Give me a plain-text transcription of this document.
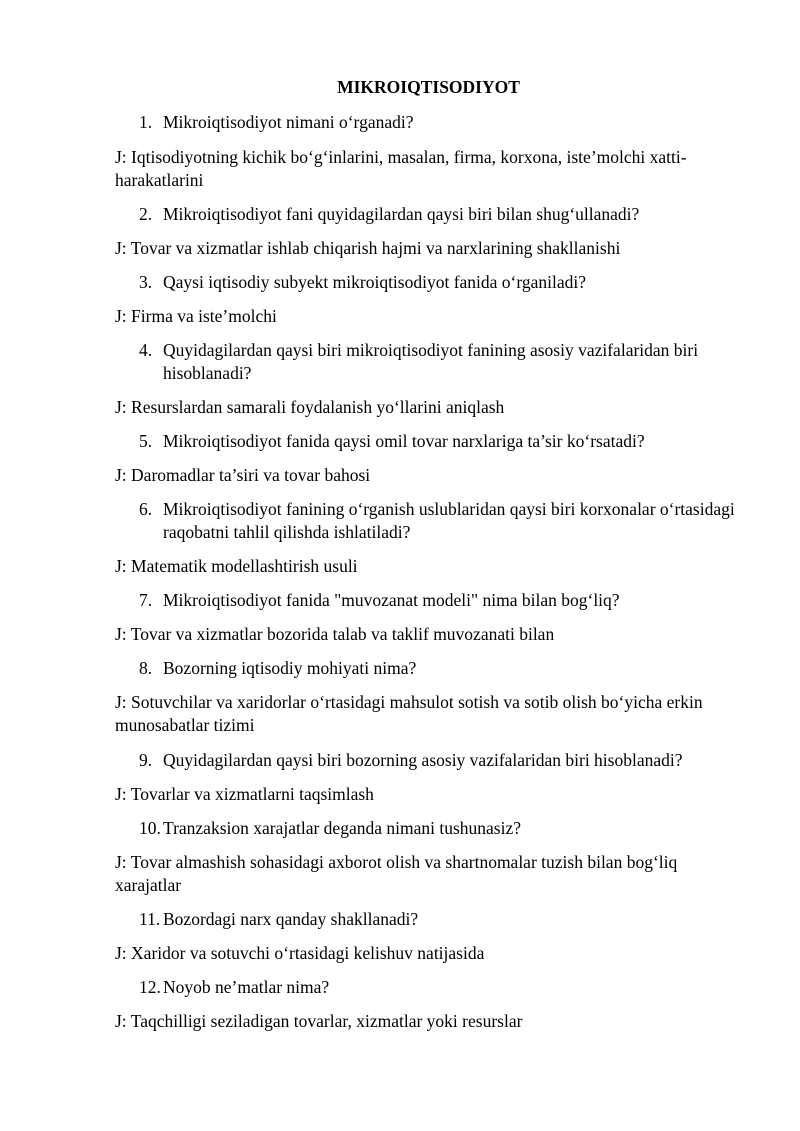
MIKROIQTISODIYOT
1. Mikroiqtisodiyot nimani o‘rganadi?
J: Iqtisodiyotning kichik bo‘g‘inlarini, masalan, firma, korxona, iste’molchi xatti-harakatlarini
2. Mikroiqtisodiyot fani quyidagilardan qaysi biri bilan shug‘ullanadi?
J: Tovar va xizmatlar ishlab chiqarish hajmi va narxlarining shakllanishi
3. Qaysi iqtisodiy subyekt mikroiqtisodiyot fanida o‘rganiladi?
J: Firma va iste’molchi
4. Quyidagilardan qaysi biri mikroiqtisodiyot fanining asosiy vazifalaridan biri hisoblanadi?
J: Resurslardan samarali foydalanish yo‘llarini aniqlash
5. Mikroiqtisodiyot fanida qaysi omil tovar narxlariga ta’sir ko‘rsatadi?
J: Daromadlar ta’siri va tovar bahosi
6. Mikroiqtisodiyot fanining o‘rganish uslublaridan qaysi biri korxonalar o‘rtasidagi raqobatni tahlil qilishda ishlatiladi?
J: Matematik modellashtirish usuli
7. Mikroiqtisodiyot fanida "muvozanat modeli" nima bilan bog‘liq?
J: Tovar va xizmatlar bozorida talab va taklif muvozanati bilan
8. Bozorning iqtisodiy mohiyati nima?
J: Sotuvchilar va xaridorlar o‘rtasidagi mahsulot sotish va sotib olish bo‘yicha erkin munosabatlar tizimi
9. Quyidagilardan qaysi biri bozorning asosiy vazifalaridan biri hisoblanadi?
J: Tovarlar va xizmatlarni taqsimlash
10. Tranzaksion xarajatlar deganda nimani tushunasiz?
J: Tovar almashish sohasidagi axborot olish va shartnomalar tuzish bilan bog‘liq xarajatlar
11. Bozordagi narx qanday shakllanadi?
J: Xaridor va sotuvchi o‘rtasidagi kelishuv natijasida
12. Noyob ne’matlar nima?
J: Taqchilligi seziladigan tovarlar, xizmatlar yoki resurslar
